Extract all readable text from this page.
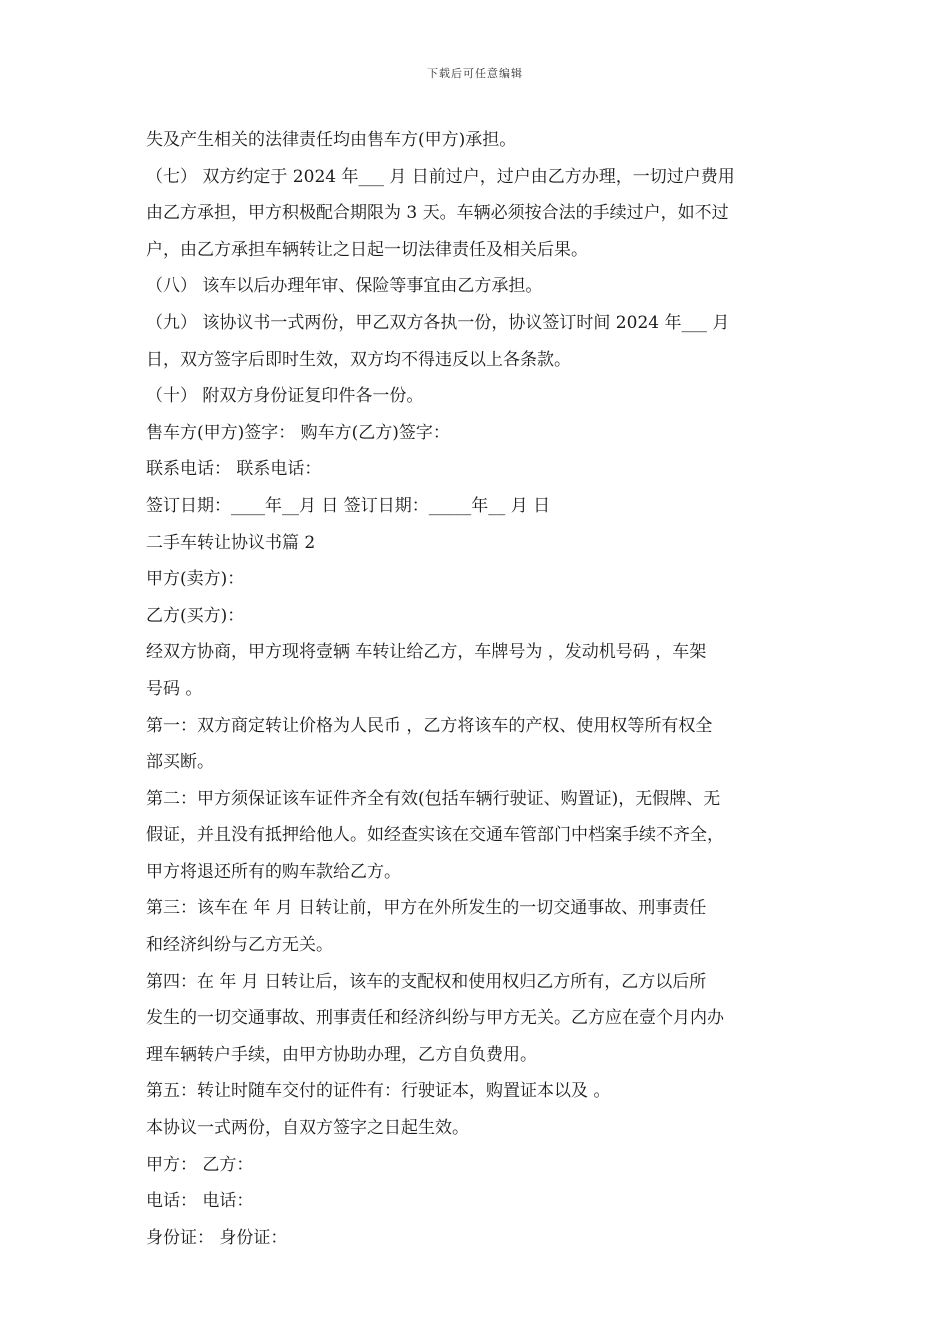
下载后可任意编辑
失及产生相关的法律责任均由售车方(甲方)承担。
（七） 双方约定于 2024 年___ 月 日前过户，过户由乙方办理，一切过户费用
由乙方承担，甲方积极配合期限为 3 天。车辆必须按合法的手续过户，如不过
户，由乙方承担车辆转让之日起一切法律责任及相关后果。
（八） 该车以后办理年审、保险等事宜由乙方承担。
（九） 该协议书一式两份，甲乙双方各执一份，协议签订时间 2024 年___ 月
日，双方签字后即时生效，双方均不得违反以上各条款。
（十） 附双方身份证复印件各一份。
售车方(甲方)签字： 购车方(乙方)签字：
联系电话： 联系电话：
签订日期：____年__月 日 签订日期：_____年__ 月 日
二手车转让协议书篇 2
甲方(卖方)：
乙方(买方)：
经双方协商，甲方现将壹辆 车转让给乙方，车牌号为 ，发动机号码 ，车架
号码 。
第一：双方商定转让价格为人民币 ，乙方将该车的产权、使用权等所有权全
部买断。
第二：甲方须保证该车证件齐全有效(包括车辆行驶证、购置证)，无假牌、无
假证，并且没有抵押给他人。如经查实该在交通车管部门中档案手续不齐全，
甲方将退还所有的购车款给乙方。
第三：该车在 年 月 日转让前，甲方在外所发生的一切交通事故、刑事责任
和经济纠纷与乙方无关。
第四：在 年 月 日转让后，该车的支配权和使用权归乙方所有，乙方以后所
发生的一切交通事故、刑事责任和经济纠纷与甲方无关。乙方应在壹个月内办
理车辆转户手续，由甲方协助办理，乙方自负费用。
第五：转让时随车交付的证件有：行驶证本，购置证本以及 。
本协议一式两份，自双方签字之日起生效。
甲方： 乙方：
电话： 电话：
身份证： 身份证：
